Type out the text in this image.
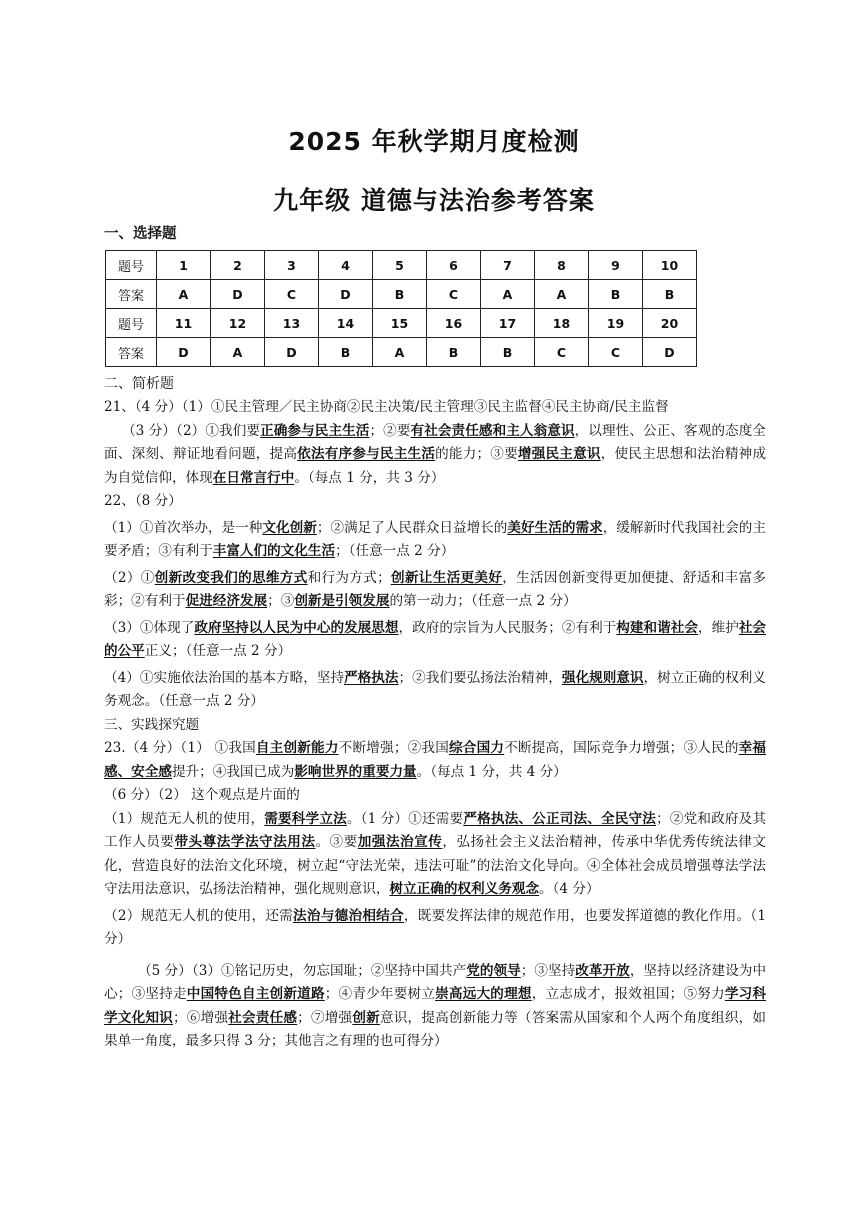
2025 年秋学期月度检测
九年级 道德与法治参考答案
一、选择题
题号	1	2	3	4	5	6	7	8	9	10
答案	A	D	C	D	B	C	A	A	B	B
题号	11	12	13	14	15	16	17	18	19	20
答案	D	A	D	B	A	B	B	C	C	D
二、简析题

21、（4 分）（1）①民主管理／民主协商②民主决策/民主管理③民主监督④民主协商/民主监督

（3 分）（2）①我们要正确参与民主生活；②要有社会责任感和主人翁意识，以理性、公正、客观的态度全面、深刻、辩证地看问题，提高依法有序参与民主生活的能力；③要增强民主意识，使民主思想和法治精神成为自觉信仰，体现在日常言行中。（每点 1 分，共 3 分）

22、（8 分）

（1）①首次举办，是一种文化创新；②满足了人民群众日益增长的美好生活的需求，缓解新时代我国社会的主要矛盾；③有利于丰富人们的文化生活；（任意一点 2 分）

（2）①创新改变我们的思维方式和行为方式；创新让生活更美好，生活因创新变得更加便捷、舒适和丰富多彩；②有利于促进经济发展；③创新是引领发展的第一动力；（任意一点 2 分）

（3）①体现了政府坚持以人民为中心的发展思想，政府的宗旨为人民服务；②有利于构建和谐社会，维护社会的公平正义；（任意一点 2 分）

（4）①实施依法治国的基本方略，坚持严格执法；②我们要弘扬法治精神，强化规则意识，树立正确的权利义务观念。（任意一点 2 分）

三、实践探究题

23.（4 分）（1） ①我国自主创新能力不断增强；②我国综合国力不断提高，国际竞争力增强；③人民的幸福感、安全感提升；④我国已成为影响世界的重要力量。（每点 1 分，共 4 分）

（6 分）（2） 这个观点是片面的

（1）规范无人机的使用，需要科学立法。（1 分）①还需要严格执法、公正司法、全民守法；②党和政府及其工作人员要带头尊法学法守法用法。③要加强法治宣传，弘扬社会主义法治精神，传承中华优秀传统法律文化，营造良好的法治文化环境，树立起“守法光荣，违法可耻”的法治文化导向。④全体社会成员增强尊法学法守法用法意识，弘扬法治精神，强化规则意识，树立正确的权利义务观念。（4 分）

（2）规范无人机的使用，还需法治与德治相结合，既要发挥法律的规范作用，也要发挥道德的教化作用。（1 分）

（5 分）（3）①铭记历史，勿忘国耻；②坚持中国共产党的领导；③坚持改革开放，坚持以经济建设为中心；③坚持走中国特色自主创新道路；④青少年要树立崇高远大的理想，立志成才，报效祖国；⑤努力学习科学文化知识；⑥增强社会责任感；⑦增强创新意识，提高创新能力等（答案需从国家和个人两个角度组织，如果单一角度，最多只得 3 分；其他言之有理的也可得分）
